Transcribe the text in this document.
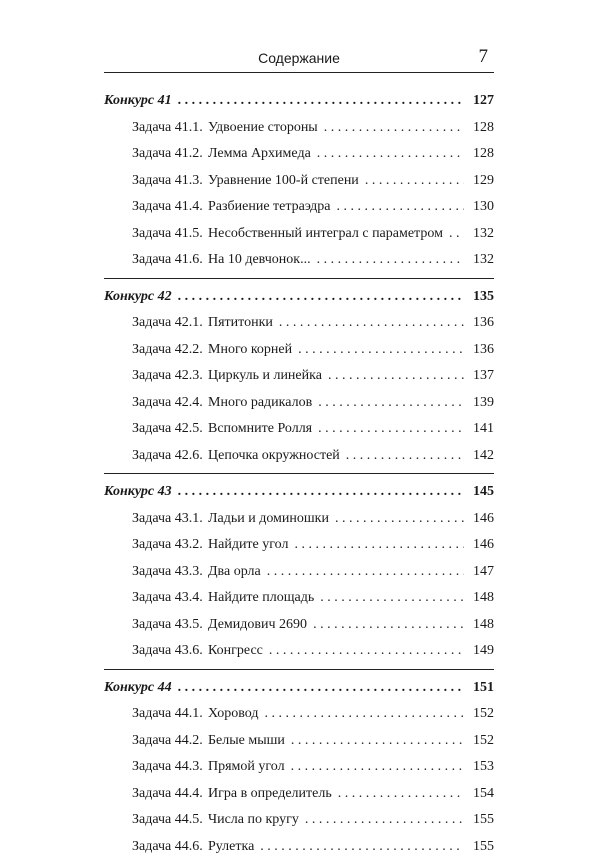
Содержание	7
Конкурс 41 . . .	127
Задача 41.1. Удвоение стороны . . .	128
Задача 41.2. Лемма Архимеда . . .	128
Задача 41.3. Уравнение 100-й степени . . .	129
Задача 41.4. Разбиение тетраэдра . . .	130
Задача 41.5. Несобственный интеграл с параметром . . . 132
Задача 41.6. На 10 девчонок... . . .	132
Конкурс 42 . . .	135
Задача 42.1. Пятитонки . . .	136
Задача 42.2. Много корней . . .	136
Задача 42.3. Циркуль и линейка . . .	137
Задача 42.4. Много радикалов . . .	139
Задача 42.5. Вспомните Ролля . . .	141
Задача 42.6. Цепочка окружностей . . .	142
Конкурс 43 . . .	145
Задача 43.1. Ладьи и доминошки . . .	146
Задача 43.2. Найдите угол . . .	146
Задача 43.3. Два орла . . .	147
Задача 43.4. Найдите площадь . . .	148
Задача 43.5. Демидович 2690 . . .	148
Задача 43.6. Конгресс . . .	149
Конкурс 44 . . .	151
Задача 44.1. Хоровод . . .	152
Задача 44.2. Белые мыши . . .	152
Задача 44.3. Прямой угол . . .	153
Задача 44.4. Игра в определитель . . .	154
Задача 44.5. Числа по кругу . . .	155
Задача 44.6. Рулетка . . .	155
